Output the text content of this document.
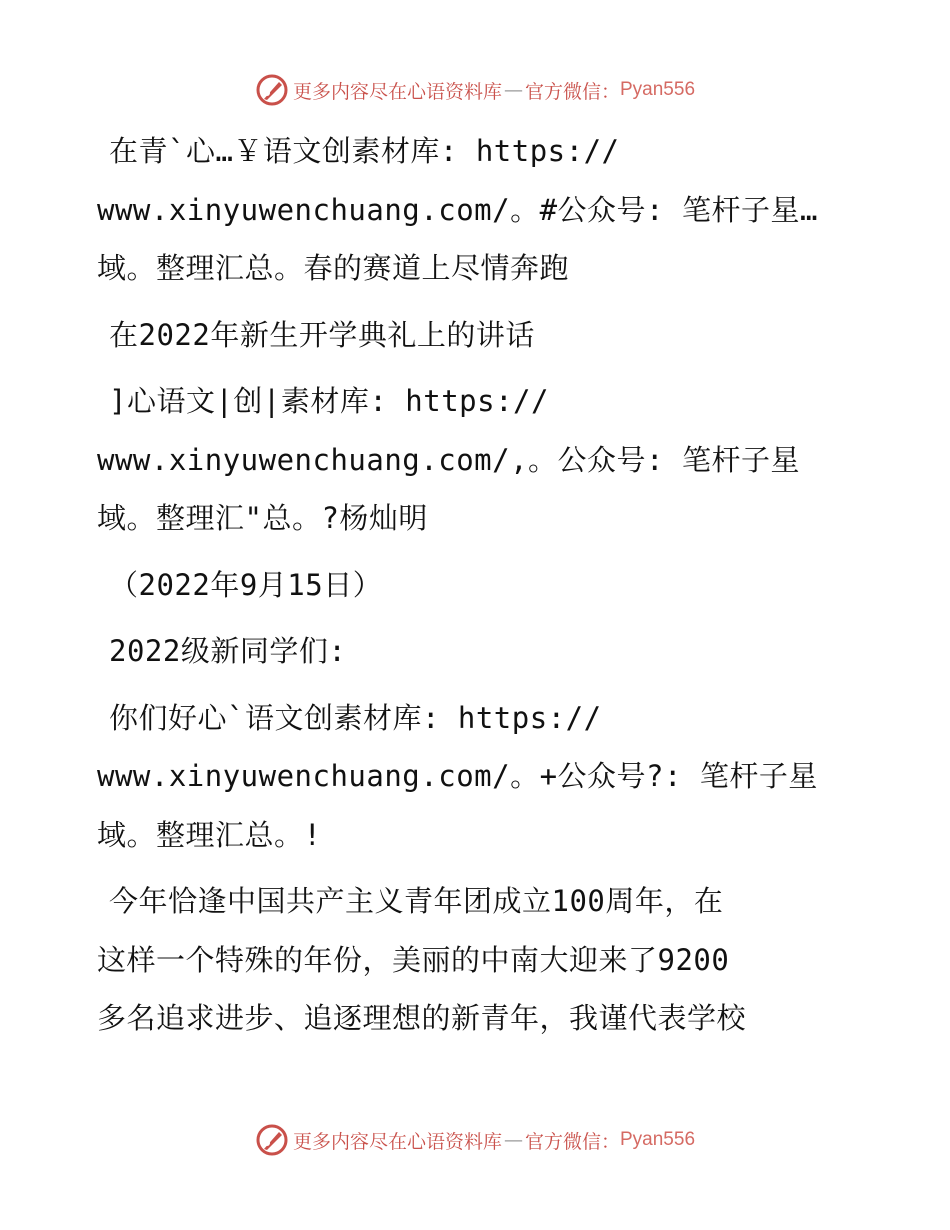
更多内容尽在心语资料库 — 官方微信： Pyan556
在青`心…￥语文创素材库: https://
www.xinyuwenchuang.com/。#公众号: 笔杆子星…
域。整理汇总。春的赛道上尽情奔跑
在2022年新生开学典礼上的讲话
]心语文|创|素材库: https://
www.xinyuwenchuang.com/,。公众号: 笔杆子星
域。整理汇"总。?杨灿明
（2022年9月15日）
2022级新同学们:
你们好心`语文创素材库: https://
www.xinyuwenchuang.com/。+公众号?: 笔杆子星
域。整理汇总。!
今年恰逢中国共产主义青年团成立100周年，在
这样一个特殊的年份，美丽的中南大迎来了9200
多名追求进步、追逐理想的新青年，我谨代表学校
更多内容尽在心语资料库 — 官方微信： Pyan556
